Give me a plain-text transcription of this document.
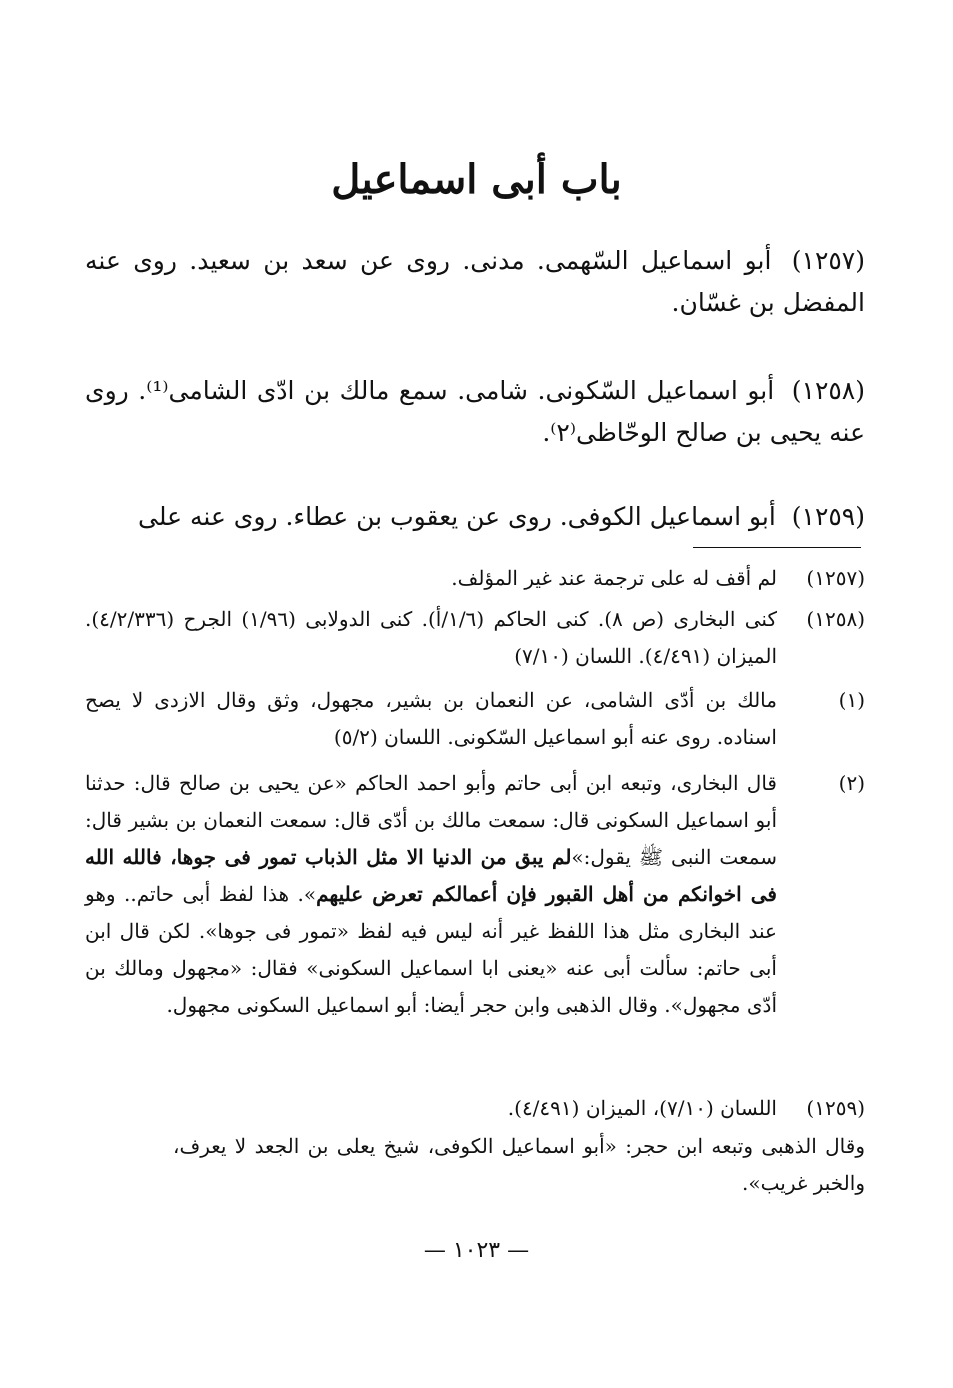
باب أبى اسماعيل
(١٢٥٧) أبو اسماعيل السّهمى. مدنى. روى عن سعد بن سعيد. روى عنه المفضل بن غسّان.
(١٢٥٨) أبو اسماعيل السّكونى. شامى. سمع مالك بن ادّى الشامى⁽¹⁾. روى عنه يحيى بن صالح الوحّاظى⁽٢⁾.
(١٢٥٩) أبو اسماعيل الكوفى. روى عن يعقوب بن عطاء. روى عنه على
(١٢٥٧)
لم أقف له على ترجمة عند غير المؤلف.
(١٢٥٨)
كنى البخارى (ص ٨). كنى الحاكم (١/٦/أ). كنى الدولابى (١/٩٦) الجرح (٤/٢/٣٣٦). الميزان (٤/٤٩١). اللسان (٧/١٠)
(١)
مالك بن أدّى الشامى، عن النعمان بن بشير، مجهول، وثق وقال الازدى لا يصح اسناده. روى عنه أبو اسماعيل السّكونى. اللسان (٥/٢)
(٢)
قال البخارى، وتبعه ابن أبى حاتم وأبو احمد الحاكم «عن يحيى بن صالح قال: حدثنا أبو اسماعيل السكونى قال: سمعت مالك بن أدّى قال: سمعت النعمان بن بشير قال: سمعت النبى ﷺ يقول:»لم يبق من الدنيا الا مثل الذباب تمور فى جوها، فالله الله فى اخوانكم من أهل القبور فإن أعمالكم تعرض عليهم». هذا لفظ أبى حاتم.. وهو عند البخارى مثل هذا اللفظ غير أنه ليس فيه لفظ «تمور فى جوها». لكن قال ابن أبى حاتم: سألت أبى عنه «يعنى ابا اسماعيل السكونى» فقال: «مجهول ومالك بن أدّى مجهول». وقال الذهبى وابن حجر أيضا: أبو اسماعيل السكونى مجهول.
(١٢٥٩)
اللسان (٧/١٠)، الميزان (٤/٤٩١).
وقال الذهبى وتبعه ابن حجر: «أبو اسماعيل الكوفى، شيخ يعلى بن الجعد لا يعرف، والخبر غريب».
— ١٠٢٣ —
